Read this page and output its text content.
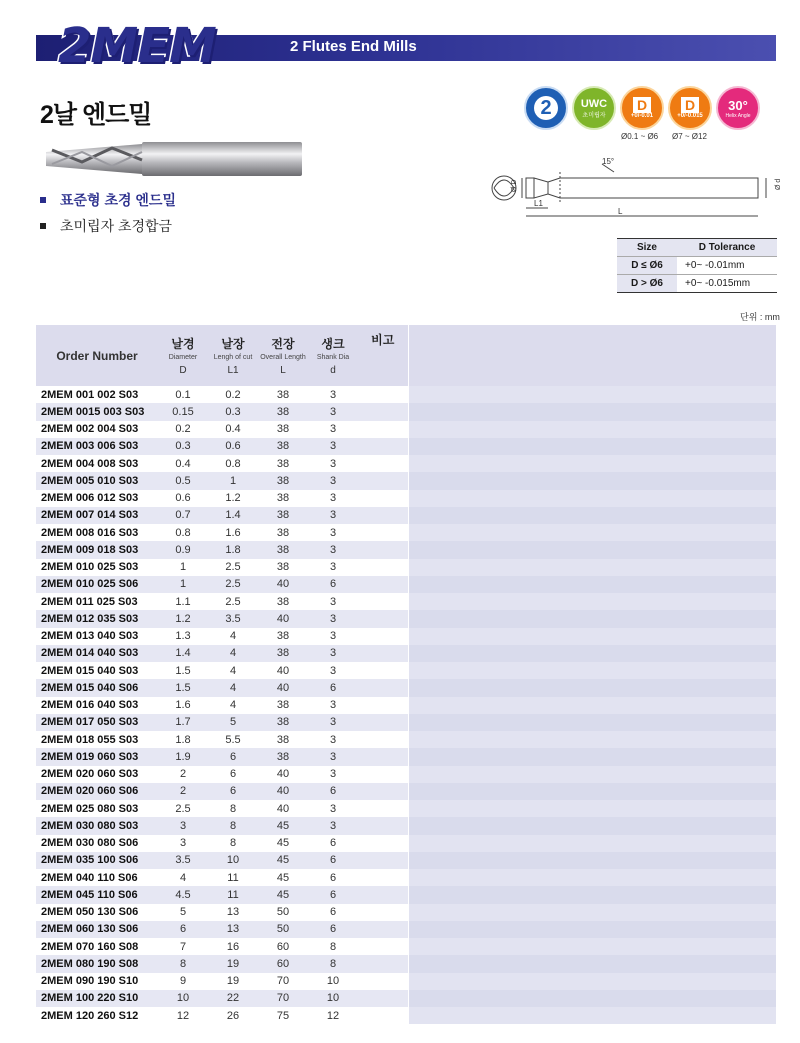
2MEM	2 Flutes End Mills
2날 엔드밀
표준형 초경 엔드밀
초미립자 초경합금
2	UWC
초미립자
D
+0/-0.01
Ø0.1 ~ Ø6
D
+0/-0.015
Ø7 ~ Ø12
30°
Helix Angle
15°
Ø D	Ø d
L1
L
Size	D Tolerance
D ≤ Ø6	+0~ -0.01mm
D > Ø6	+0~ -0.015mm
단위 : mm
Order Number	날경
Diameter
D	날장
Lengh of cut
L1	전장
Overall Length
L	생크
Shank Dia
d	비고	

2MEM 001 002 S03	0.1	0.2	38	3		
2MEM 0015 003 S03	0.15	0.3	38	3		
2MEM 002 004 S03	0.2	0.4	38	3		
2MEM 003 006 S03	0.3	0.6	38	3		
2MEM 004 008 S03	0.4	0.8	38	3		
2MEM 005 010 S03	0.5	1	38	3		
2MEM 006 012 S03	0.6	1.2	38	3		
2MEM 007 014 S03	0.7	1.4	38	3		
2MEM 008 016 S03	0.8	1.6	38	3		
2MEM 009 018 S03	0.9	1.8	38	3		
2MEM 010 025 S03	1	2.5	38	3		
2MEM 010 025 S06	1	2.5	40	6		
2MEM 011 025 S03	1.1	2.5	38	3		
2MEM 012 035 S03	1.2	3.5	40	3		
2MEM 013 040 S03	1.3	4	38	3		
2MEM 014 040 S03	1.4	4	38	3		
2MEM 015 040 S03	1.5	4	40	3		
2MEM 015 040 S06	1.5	4	40	6		
2MEM 016 040 S03	1.6	4	38	3		
2MEM 017 050 S03	1.7	5	38	3		
2MEM 018 055 S03	1.8	5.5	38	3		
2MEM 019 060 S03	1.9	6	38	3		
2MEM 020 060 S03	2	6	40	3		
2MEM 020 060 S06	2	6	40	6		
2MEM 025 080 S03	2.5	8	40	3		
2MEM 030 080 S03	3	8	45	3		
2MEM 030 080 S06	3	8	45	6		
2MEM 035 100 S06	3.5	10	45	6		
2MEM 040 110 S06	4	11	45	6		
2MEM 045 110 S06	4.5	11	45	6		
2MEM 050 130 S06	5	13	50	6		
2MEM 060 130 S06	6	13	50	6		
2MEM 070 160 S08	7	16	60	8		
2MEM 080 190 S08	8	19	60	8		
2MEM 090 190 S10	9	19	70	10		
2MEM 100 220 S10	10	22	70	10		
2MEM 120 260 S12	12	26	75	12		
